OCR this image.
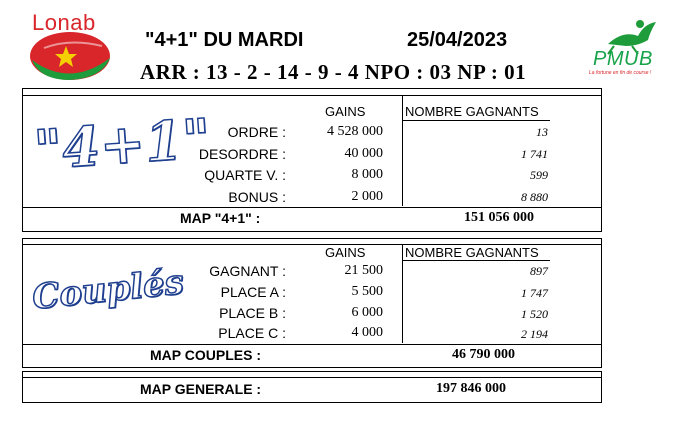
Lonab
"4+1" DU MARDI	25/04/2023
ARR : 13 - 2 - 14 - 9 - 4 NPO : 03 NP : 01
PMUB
La fortune en fin de course !
"4+1"	GAINS	NOMBRE GAGNANTS
ORDRE :	4 528 000	13
DESORDRE :	40 000	1 741
QUARTE V. :	8 000	599
BONUS :	2 000	8 880
MAP "4+1" :	151 056 000
Couplés
GAINS	NOMBRE GAGNANTS
GAGNANT :	21 500	897
PLACE A :	5 500	1 747
PLACE B :	6 000	1 520
PLACE C :	4 000	2 194
MAP COUPLES :	46 790 000
MAP GENERALE :	197 846 000
